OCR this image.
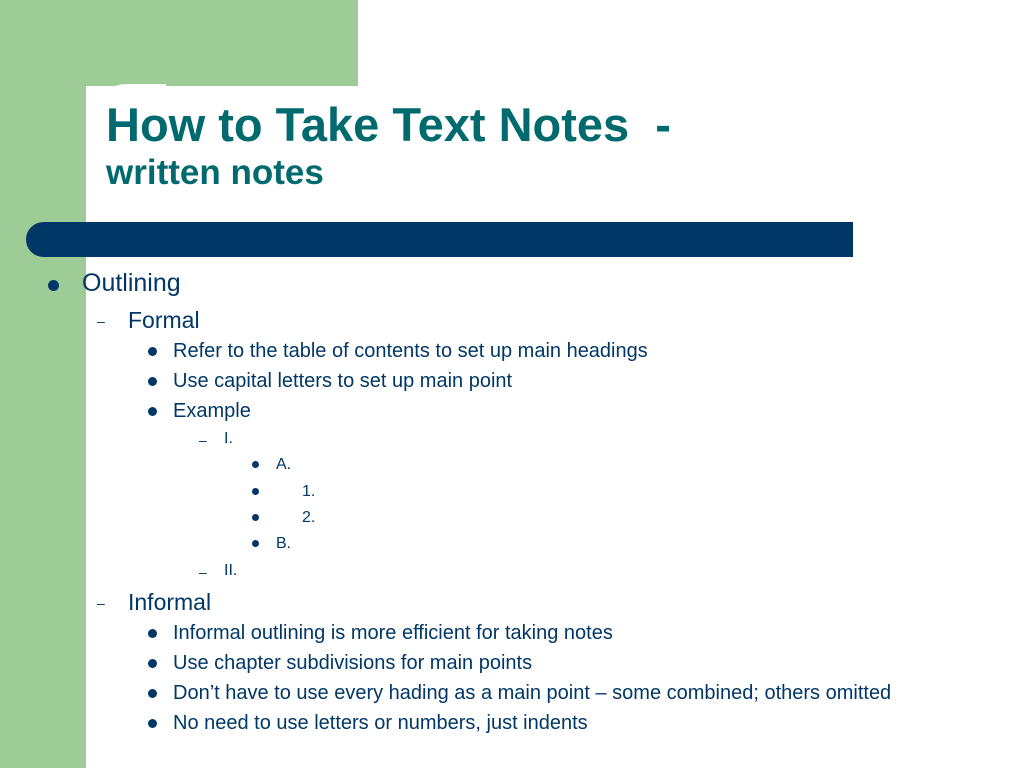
How to Take Text Notes  -
written notes
Outlining
– Formal
Refer to the table of contents to set up main headings
Use capital letters to set up main point
Example
– I.
A.
1.
2.
B.
– II.
– Informal
Informal outlining is more efficient for taking notes
Use chapter subdivisions for main points
Don’t have to use every hading as a main point – some combined; others omitted
No need to use letters or numbers, just indents
